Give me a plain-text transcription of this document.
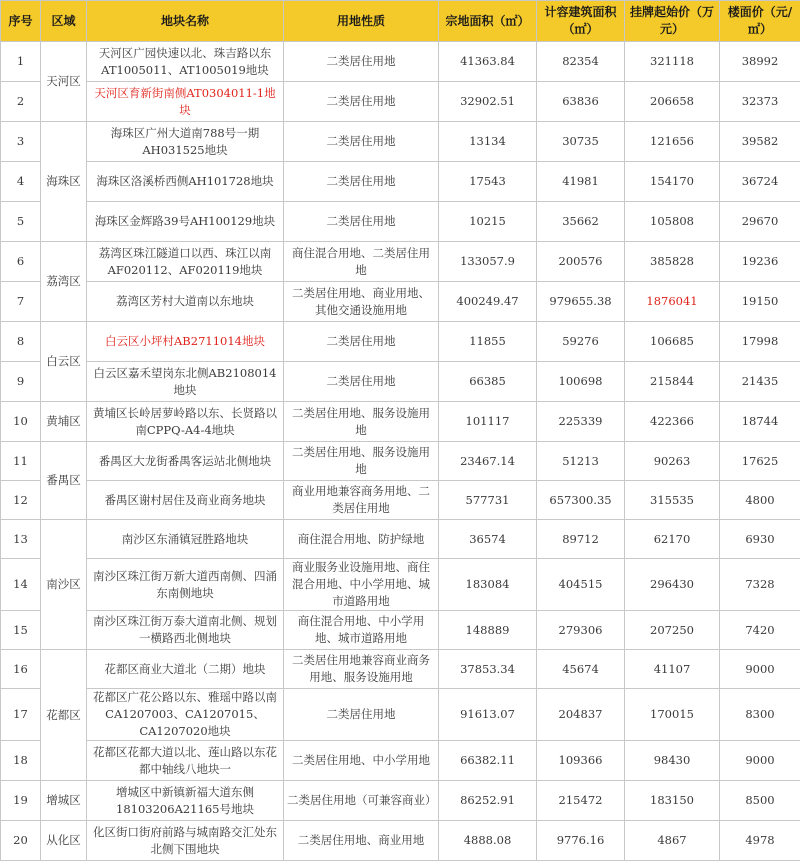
序号	区域	地块名称	用地性质	宗地面积（㎡）	计容建筑面积（㎡）	挂牌起始价（万元）	楼面价（元/㎡）
1	天河区	天河区广园快速以北、珠吉路以东AT1005011、AT1005019地块	二类居住用地	41363.84	82354	321118	38992
2		天河区育新街南侧AT0304011-1地块	二类居住用地	32902.51	63836	206658	32373
3	海珠区	海珠区广州大道南788号一期AH031525地块	二类居住用地	13134	30735	121656	39582
4		海珠区洛溪桥西侧AH101728地块	二类居住用地	17543	41981	154170	36724
5		海珠区金辉路39号AH100129地块	二类居住用地	10215	35662	105808	29670
6	荔湾区	荔湾区珠江隧道口以西、珠江以南AF020112、AF020119地块	商住混合用地、二类居住用地	133057.9	200576	385828	19236
7		荔湾区芳村大道南以东地块	二类居住用地、商业用地、其他交通设施用地	400249.47	979655.38	1876041	19150
8	白云区	白云区小坪村AB2711014地块	二类居住用地	11855	59276	106685	17998
9		白云区嘉禾望岗东北侧AB2108014地块	二类居住用地	66385	100698	215844	21435
10	黄埔区	黄埔区长岭居萝岭路以东、长贤路以南CPPQ-A4-4地块	二类居住用地、服务设施用地	101117	225339	422366	18744
11	番禺区	番禺区大龙街番禺客运站北侧地块	二类居住用地、服务设施用地	23467.14	51213	90263	17625
12		番禺区谢村居住及商业商务地块	商业用地兼容商务用地、二类居住用地	577731	657300.35	315535	4800
13	南沙区	南沙区东涌镇冠胜路地块	商住混合用地、防护绿地	36574	89712	62170	6930
14		南沙区珠江街万新大道西南侧、四涌东南侧地块	商业服务业设施用地、商住混合用地、中小学用地、城市道路用地	183084	404515	296430	7328
15		南沙区珠江街万泰大道南北侧、规划一横路西北侧地块	商住混合用地、中小学用地、城市道路用地	148889	279306	207250	7420
16	花都区	花都区商业大道北（二期）地块	二类居住用地兼容商业商务用地、服务设施用地	37853.34	45674	41107	9000
17		花都区广花公路以东、雅瑶中路以南CA1207003、CA1207015、CA1207020地块	二类居住用地	91613.07	204837	170015	8300
18		花都区花都大道以北、莲山路以东花都中轴线八地块一	二类居住用地、中小学用地	66382.11	109366	98430	9000
19	增城区	增城区中新镇新福大道东侧18103206A21165号地块	二类居住用地（可兼容商业）	86252.91	215472	183150	8500
20	从化区	化区街口街府前路与城南路交汇处东北侧下围地块	二类居住用地、商业用地	4888.08	9776.16	4867	4978
